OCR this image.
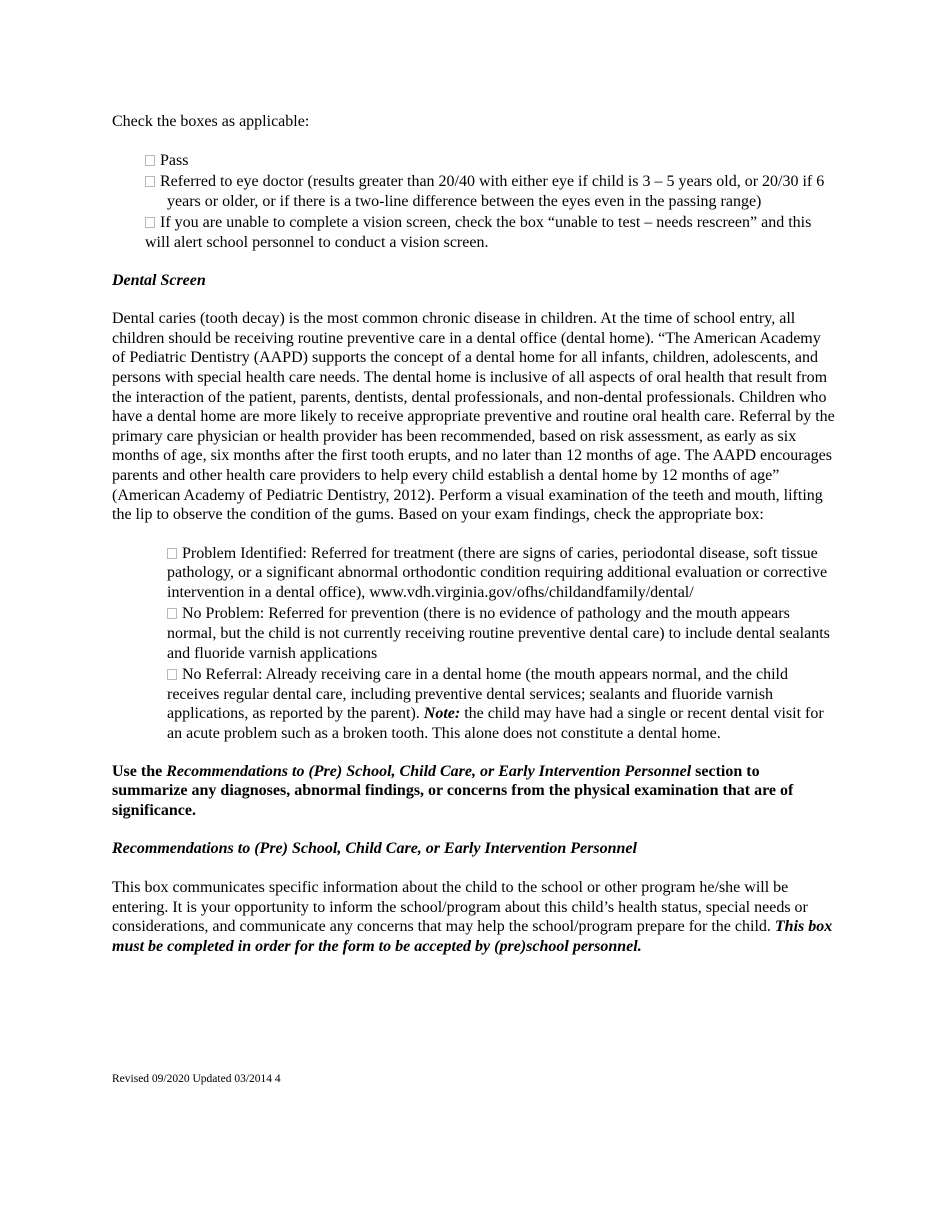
Check the boxes as applicable:

Pass

Referred to eye doctor (results greater than 20/40 with either eye if child is 3 – 5 years old, or 20/30 if 6 years or older, or if there is a two-line difference between the eyes even in the passing range)

If you are unable to complete a vision screen, check the box “unable to test – needs rescreen” and this will alert school personnel to conduct a vision screen.

Dental Screen

Dental caries (tooth decay) is the most common chronic disease in children. At the time of school entry, all children should be receiving routine preventive care in a dental office (dental home). “The American Academy of Pediatric Dentistry (AAPD) supports the concept of a dental home for all infants, children, adolescents, and persons with special health care needs. The dental home is inclusive of all aspects of oral health that result from the interaction of the patient, parents, dentists, dental professionals, and non-dental professionals. Children who have a dental home are more likely to receive appropriate preventive and routine oral health care. Referral by the primary care physician or health provider has been recommended, based on risk assessment, as early as six months of age, six months after the first tooth erupts, and no later than 12 months of age. The AAPD encourages parents and other health care providers to help every child establish a dental home by 12 months of age” (American Academy of Pediatric Dentistry, 2012). Perform a visual examination of the teeth and mouth, lifting the lip to observe the condition of the gums. Based on your exam findings, check the appropriate box:

Problem Identified: Referred for treatment (there are signs of caries, periodontal disease, soft tissue pathology, or a significant abnormal orthodontic condition requiring additional evaluation or corrective intervention in a dental office), www.vdh.virginia.gov/ofhs/childandfamily/dental/

No Problem: Referred for prevention (there is no evidence of pathology and the mouth appears normal, but the child is not currently receiving routine preventive dental care) to include dental sealants and fluoride varnish applications

No Referral: Already receiving care in a dental home (the mouth appears normal, and the child receives regular dental care, including preventive dental services; sealants and fluoride varnish applications, as reported by the parent). Note: the child may have had a single or recent dental visit for an acute problem such as a broken tooth. This alone does not constitute a dental home.

Use the Recommendations to (Pre) School, Child Care, or Early Intervention Personnel section to summarize any diagnoses, abnormal findings, or concerns from the physical examination that are of significance.

Recommendations to (Pre) School, Child Care, or Early Intervention Personnel

This box communicates specific information about the child to the school or other program he/she will be entering. It is your opportunity to inform the school/program about this child’s health status, special needs or considerations, and communicate any concerns that may help the school/program prepare for the child. This box must be completed in order for the form to be accepted by (pre)school personnel.

Revised 09/2020 Updated 03/2014 4
